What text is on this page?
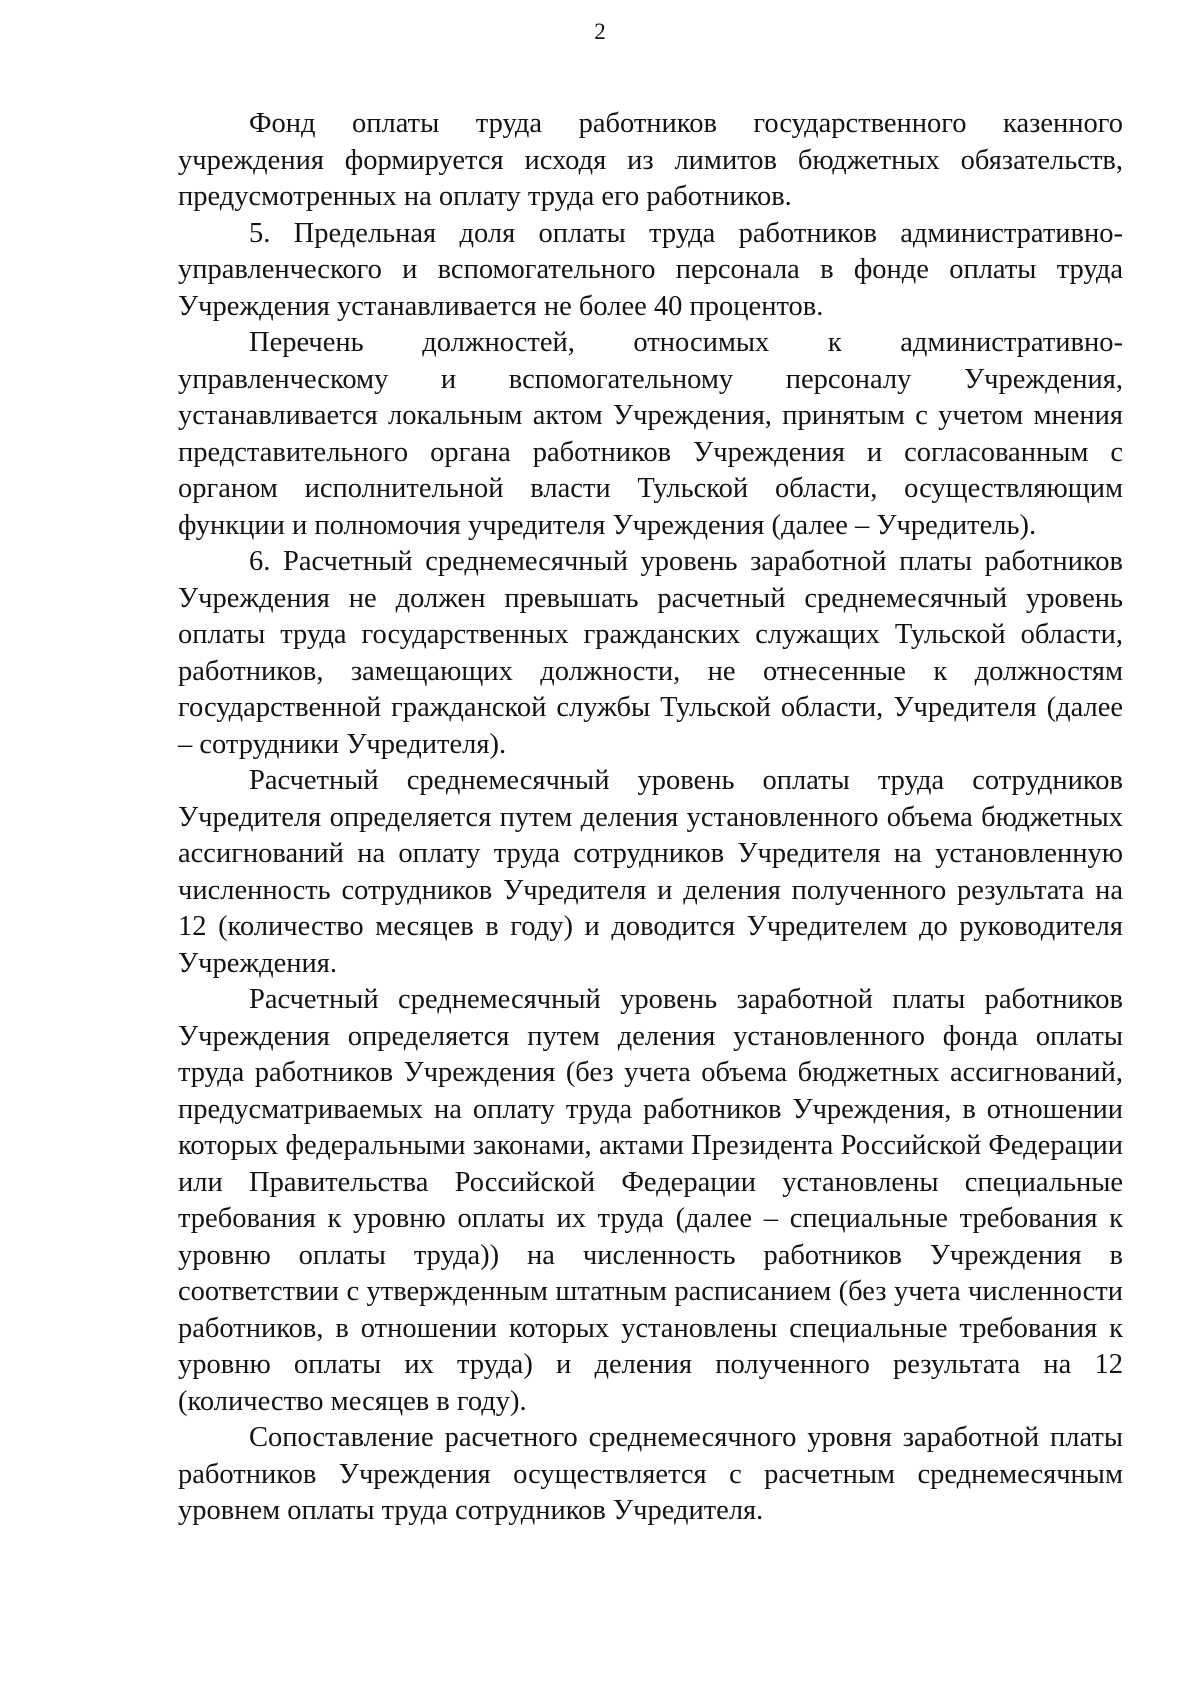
2

Фонд оплаты труда работников государственного казенного учреждения формируется исходя из лимитов бюджетных обязательств, предусмотренных на оплату труда его работников.

5. Предельная доля оплаты труда работников административно-управленческого и вспомогательного персонала в фонде оплаты труда Учреждения устанавливается не более 40 процентов.

Перечень должностей, относимых к административно-управленческому и вспомогательному персоналу Учреждения, устанавливается локальным актом Учреждения, принятым с учетом мнения представительного органа работников Учреждения и согласованным с органом исполнительной власти Тульской области, осуществляющим функции и полномочия учредителя Учреждения (далее – Учредитель).

6. Расчетный среднемесячный уровень заработной платы работников Учреждения не должен превышать расчетный среднемесячный уровень оплаты труда государственных гражданских служащих Тульской области, работников, замещающих должности, не отнесенные к должностям государственной гражданской службы Тульской области, Учредителя (далее – сотрудники Учредителя).

Расчетный среднемесячный уровень оплаты труда сотрудников Учредителя определяется путем деления установленного объема бюджетных ассигнований на оплату труда сотрудников Учредителя на установленную численность сотрудников Учредителя и деления полученного результата на 12 (количество месяцев в году) и доводится Учредителем до руководителя Учреждения.

Расчетный среднемесячный уровень заработной платы работников Учреждения определяется путем деления установленного фонда оплаты труда работников Учреждения (без учета объема бюджетных ассигнований, предусматриваемых на оплату труда работников Учреждения, в отношении которых федеральными законами, актами Президента Российской Федерации или Правительства Российской Федерации установлены специальные требования к уровню оплаты их труда (далее – специальные требования к уровню оплаты труда)) на численность работников Учреждения в соответствии с утвержденным штатным расписанием (без учета численности работников, в отношении которых установлены специальные требования к уровню оплаты их труда) и деления полученного результата на 12 (количество месяцев в году).

Сопоставление расчетного среднемесячного уровня заработной платы работников Учреждения осуществляется с расчетным среднемесячным уровнем оплаты труда сотрудников Учредителя.
